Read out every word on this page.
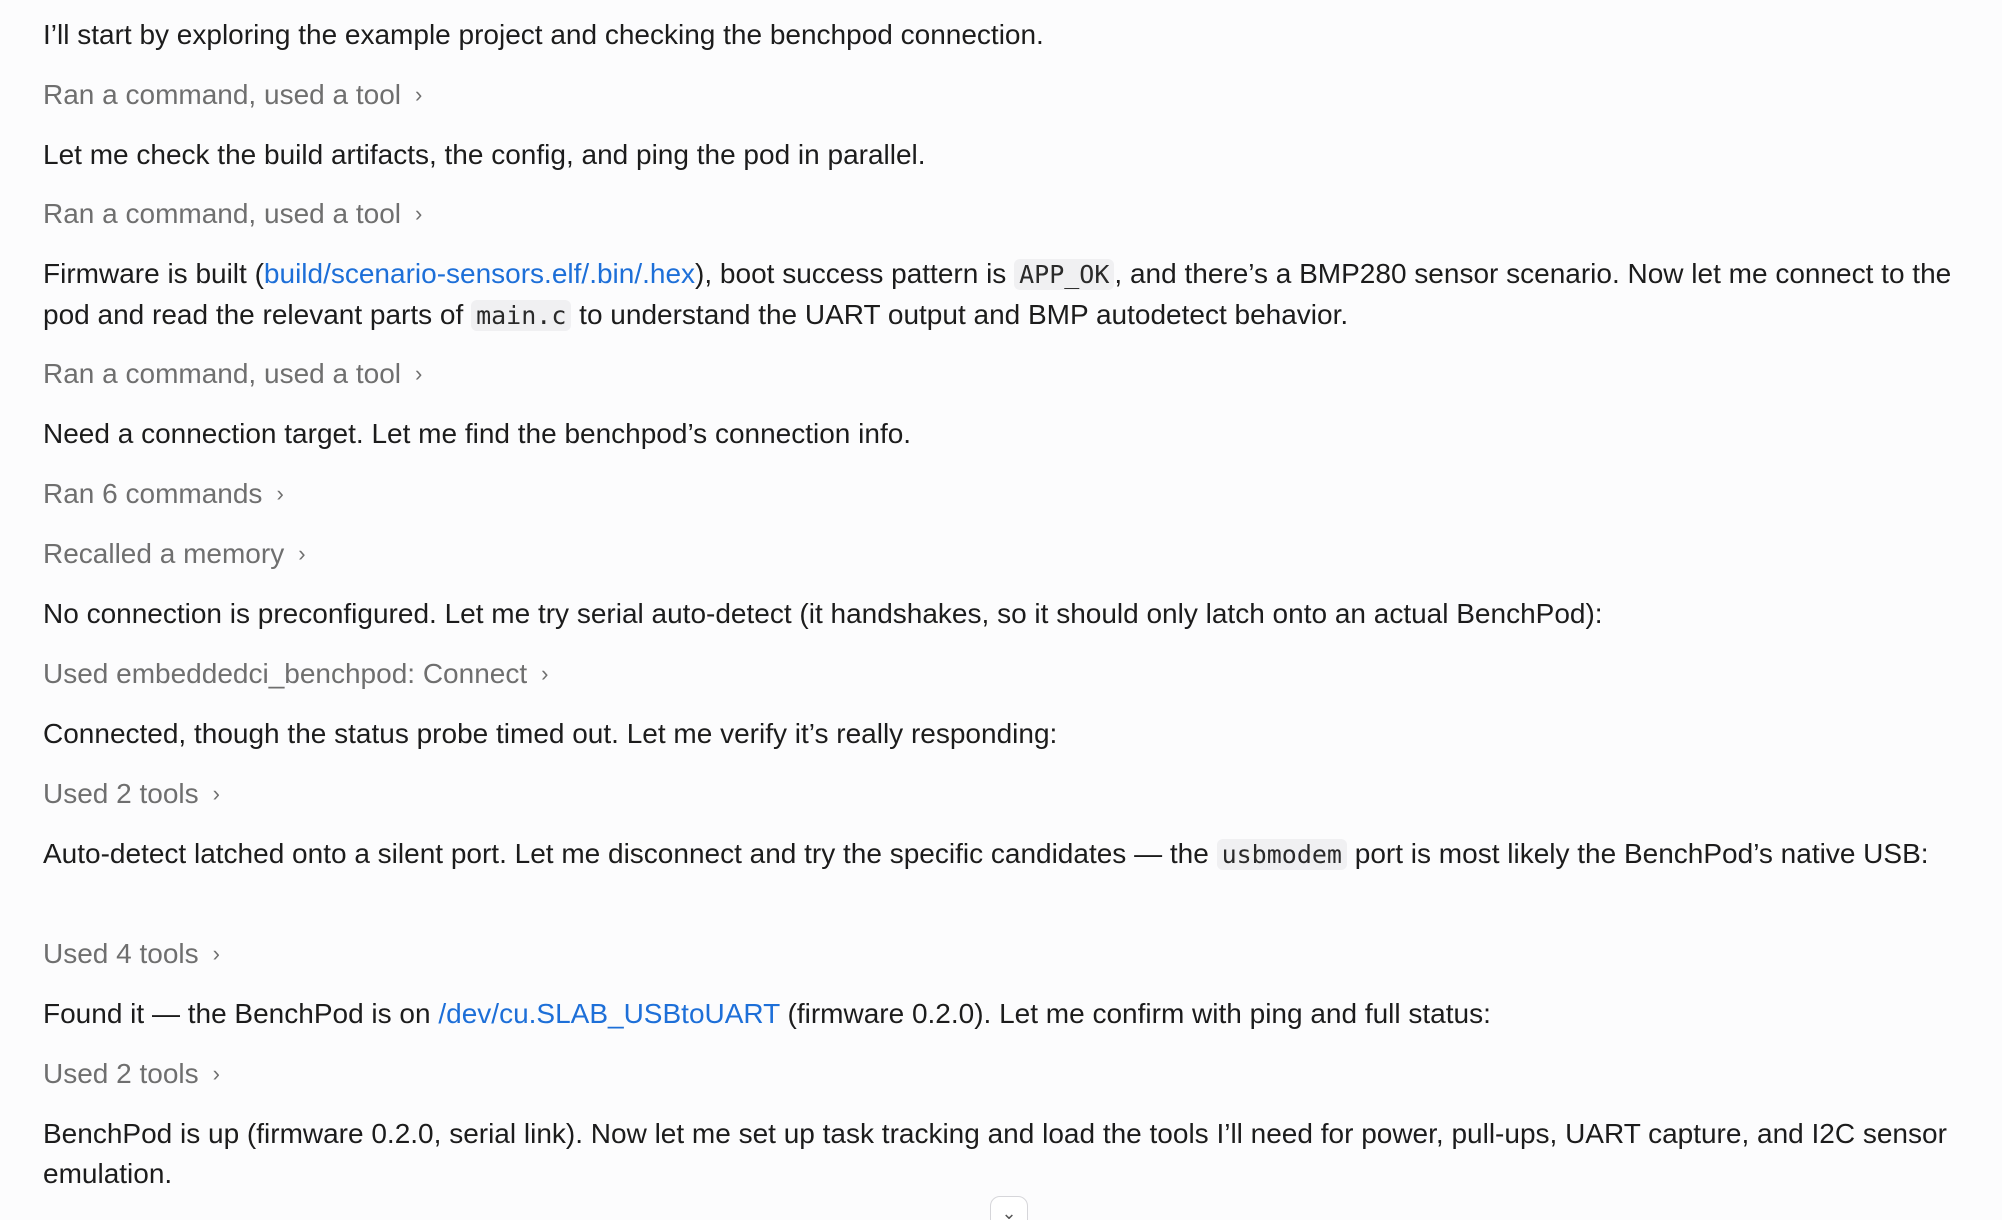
I’ll start by exploring the example project and checking the benchpod connection.
Ran a command, used a tool ›
Let me check the build artifacts, the config, and ping the pod in parallel.
Ran a command, used a tool ›
Firmware is built (build/scenario-sensors.elf/.bin/.hex), boot success pattern is APP_OK , and there’s a BMP280 sensor scenario. Now let me connect to the pod and read the relevant parts of main.c to understand the UART output and BMP autodetect behavior.
Ran a command, used a tool ›
Need a connection target. Let me find the benchpod’s connection info.
Ran 6 commands ›
Recalled a memory ›
No connection is preconfigured. Let me try serial auto-detect (it handshakes, so it should only latch onto an actual BenchPod):
Used embeddedci_benchpod: Connect ›
Connected, though the status probe timed out. Let me verify it’s really responding:
Used 2 tools ›
Auto-detect latched onto a silent port. Let me disconnect and try the specific candidates — the usbmodem port is most likely the BenchPod’s native USB:
Used 4 tools ›
Found it — the BenchPod is on /dev/cu.SLAB_USBtoUART (firmware 0.2.0). Let me confirm with ping and full status:
Used 2 tools ›
BenchPod is up (firmware 0.2.0, serial link). Now let me set up task tracking and load the tools I’ll need for power, pull-ups, UART capture, and I2C sensor emulation.
⌄
